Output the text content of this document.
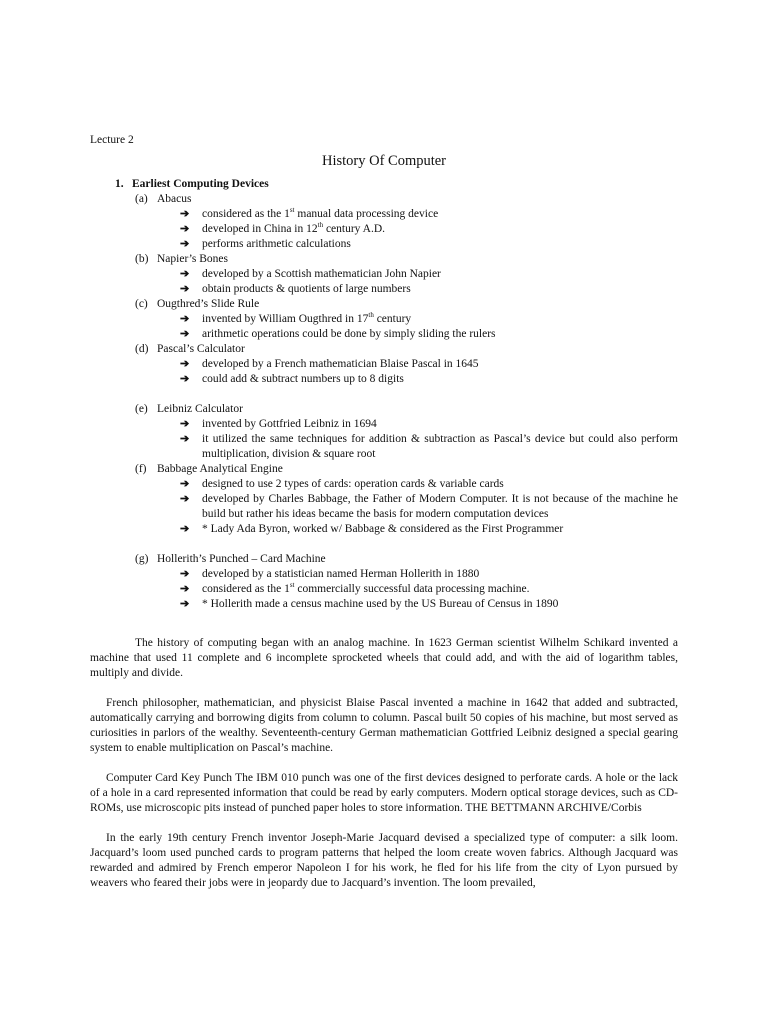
Lecture 2
History Of Computer
1. Earliest Computing Devices
(a) Abacus
➔ considered as the 1st manual data processing device
➔ developed in China in 12th century A.D.
➔ performs arithmetic calculations
(b) Napier’s Bones
➔ developed by a Scottish mathematician John Napier
➔ obtain products & quotients of large numbers
(c) Ougthred’s Slide Rule
➔ invented by William Ougthred in 17th century
➔ arithmetic operations could be done by simply sliding the rulers
(d) Pascal’s Calculator
➔ developed by a French mathematician Blaise Pascal in 1645
➔ could add & subtract numbers up to 8 digits
(e) Leibniz Calculator
➔ invented by Gottfried Leibniz in 1694
➔ it utilized the same techniques for addition & subtraction as Pascal’s device but could also perform multiplication, division & square root
(f) Babbage Analytical Engine
➔ designed to use 2 types of cards: operation cards & variable cards
➔ developed by Charles Babbage, the Father of Modern Computer. It is not because of the machine he build but rather his ideas became the basis for modern computation devices
➔ * Lady Ada Byron, worked w/ Babbage & considered as the First Programmer
(g) Hollerith’s Punched – Card Machine
➔ developed by a statistician named Herman Hollerith in 1880
➔ considered as the 1st commercially successful data processing machine.
➔ * Hollerith made a census machine used by the US Bureau of Census in 1890

The history of computing began with an analog machine. In 1623 German scientist Wilhelm Schikard invented a machine that used 11 complete and 6 incomplete sprocketed wheels that could add, and with the aid of logarithm tables, multiply and divide.

French philosopher, mathematician, and physicist Blaise Pascal invented a machine in 1642 that added and subtracted, automatically carrying and borrowing digits from column to column. Pascal built 50 copies of his machine, but most served as curiosities in parlors of the wealthy. Seventeenth-century German mathematician Gottfried Leibniz designed a special gearing system to enable multiplication on Pascal’s machine.

Computer Card Key Punch The IBM 010 punch was one of the first devices designed to perforate cards. A hole or the lack of a hole in a card represented information that could be read by early computers. Modern optical storage devices, such as CD-ROMs, use microscopic pits instead of punched paper holes to store information. THE BETTMANN ARCHIVE/Corbis

In the early 19th century French inventor Joseph-Marie Jacquard devised a specialized type of computer: a silk loom. Jacquard’s loom used punched cards to program patterns that helped the loom create woven fabrics. Although Jacquard was rewarded and admired by French emperor Napoleon I for his work, he fled for his life from the city of Lyon pursued by weavers who feared their jobs were in jeopardy due to Jacquard’s invention. The loom prevailed,
